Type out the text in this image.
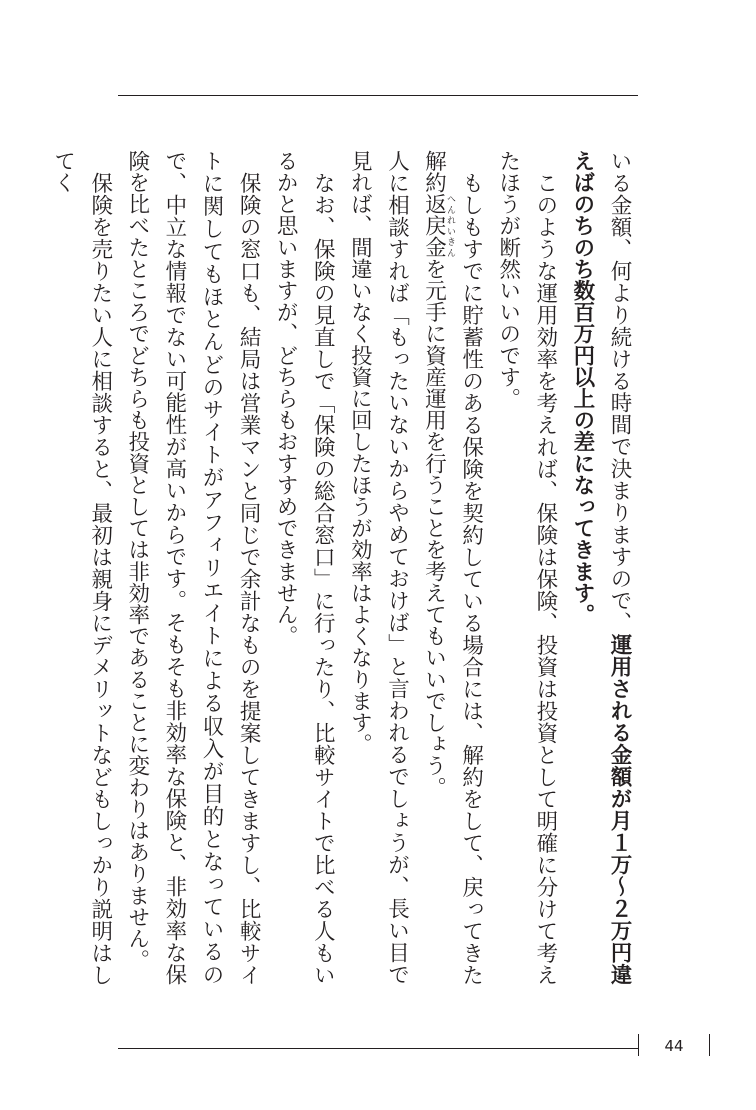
いる金額、何より続ける時間で決まりますので、運用される金額が月１万〜２万円違えばのちのち数百万円以上の差になってきます。

このような運用効率を考えれば、保険は保険、投資は投資として明確に分けて考えたほうが断然いいのです。

もしもすでに貯蓄性のある保険を契約している場合には、解約をして、戻ってきた解約返戻金へんれいきんを元手に資産運用を行うことを考えてもいいでしょう。

人に相談すれば「もったいないからやめておけば」と言われるでしょうが、長い目で見れば、間違いなく投資に回したほうが効率はよくなります。

なお、保険の見直しで「保険の総合窓口」に行ったり、比較サイトで比べる人もいるかと思いますが、どちらもおすすめできません。

保険の窓口も、結局は営業マンと同じで余計なものを提案してきますし、比較サイトに関してもほとんどのサイトがアフィリエイトによる収入が目的となっているので、中立な情報でない可能性が高いからです。そもそも非効率な保険と、非効率な保険を比べたところでどちらも投資としては非効率であることに変わりはありません。

保険を売りたい人に相談すると、最初は親身にデメリットなどもしっかり説明はしてく

44
